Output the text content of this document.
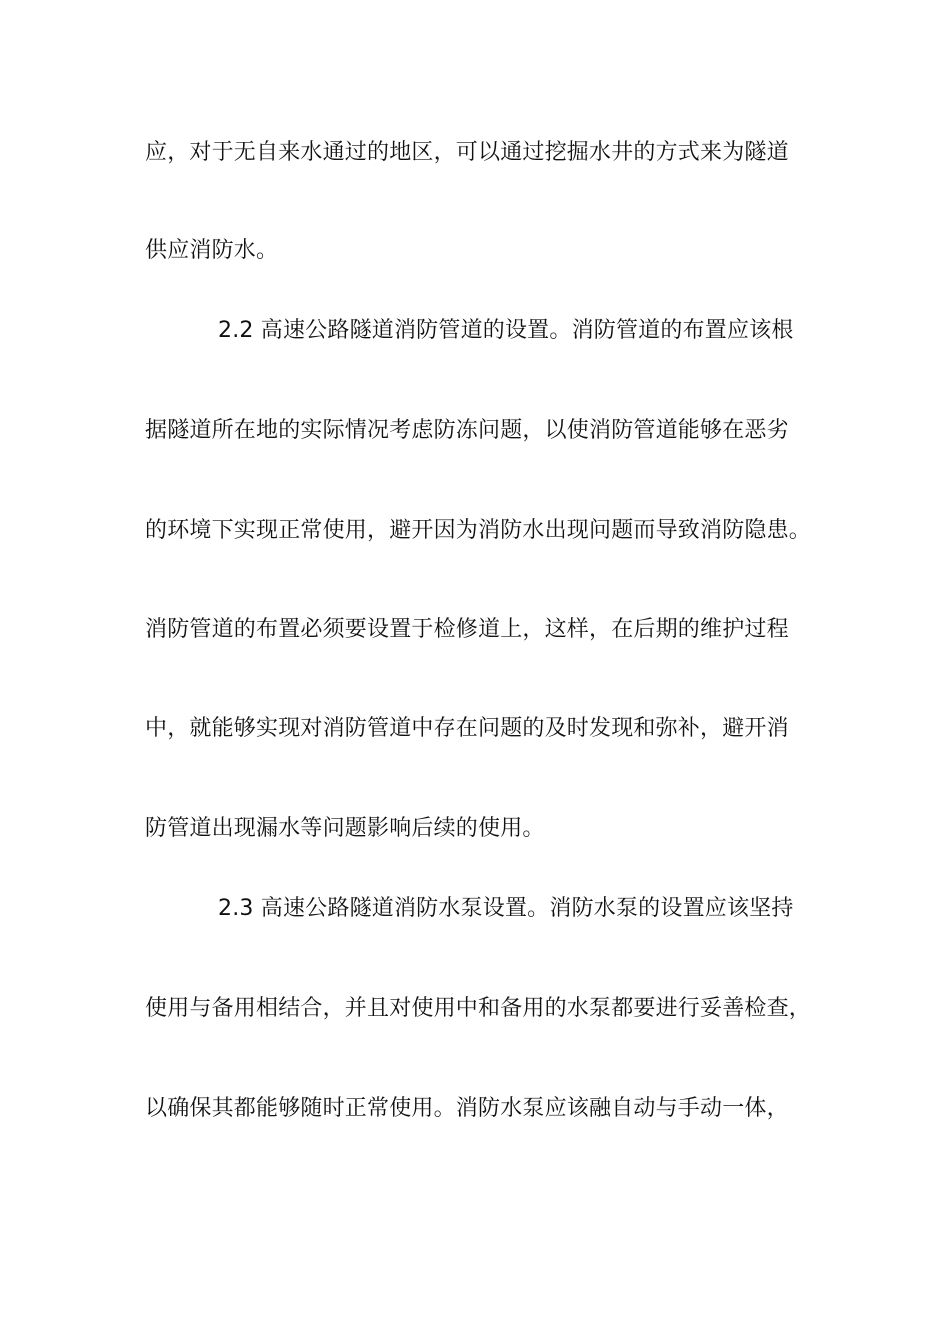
应，对于无自来水通过的地区，可以通过挖掘水井的方式来为隧道
供应消防水。
2.2 高速公路隧道消防管道的设置。消防管道的布置应该根
据隧道所在地的实际情况考虑防冻问题，以使消防管道能够在恶劣
的环境下实现正常使用，避开因为消防水出现问题而导致消防隐患。
消防管道的布置必须要设置于检修道上，这样，在后期的维护过程
中，就能够实现对消防管道中存在问题的及时发现和弥补，避开消
防管道出现漏水等问题影响后续的使用。
2.3 高速公路隧道消防水泵设置。消防水泵的设置应该坚持
使用与备用相结合，并且对使用中和备用的水泵都要进行妥善检查，
以确保其都能够随时正常使用。消防水泵应该融自动与手动一体，
